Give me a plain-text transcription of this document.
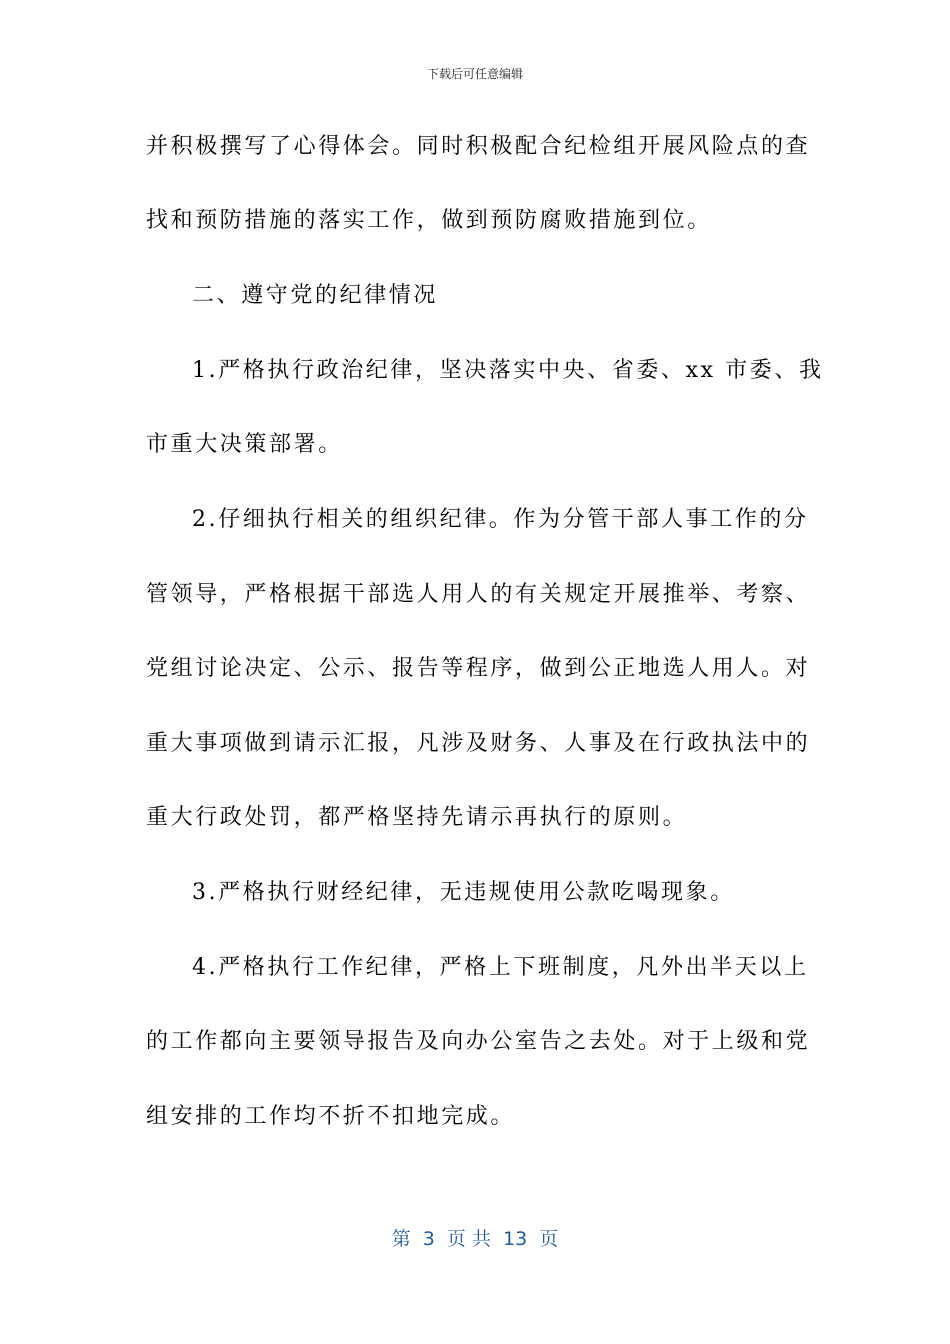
下载后可任意编辑
并积极撰写了心得体会。同时积极配合纪检组开展风险点的查
找和预防措施的落实工作，做到预防腐败措施到位。
二、遵守党的纪律情况
1.严格执行政治纪律，坚决落实中央、省委、xx 市委、我
市重大决策部署。
2.仔细执行相关的组织纪律。作为分管干部人事工作的分
管领导，严格根据干部选人用人的有关规定开展推举、考察、
党组讨论决定、公示、报告等程序，做到公正地选人用人。对
重大事项做到请示汇报，凡涉及财务、人事及在行政执法中的
重大行政处罚，都严格坚持先请示再执行的原则。
3.严格执行财经纪律，无违规使用公款吃喝现象。
4.严格执行工作纪律，严格上下班制度，凡外出半天以上
的工作都向主要领导报告及向办公室告之去处。对于上级和党
组安排的工作均不折不扣地完成。
第  3  页 共  13  页
